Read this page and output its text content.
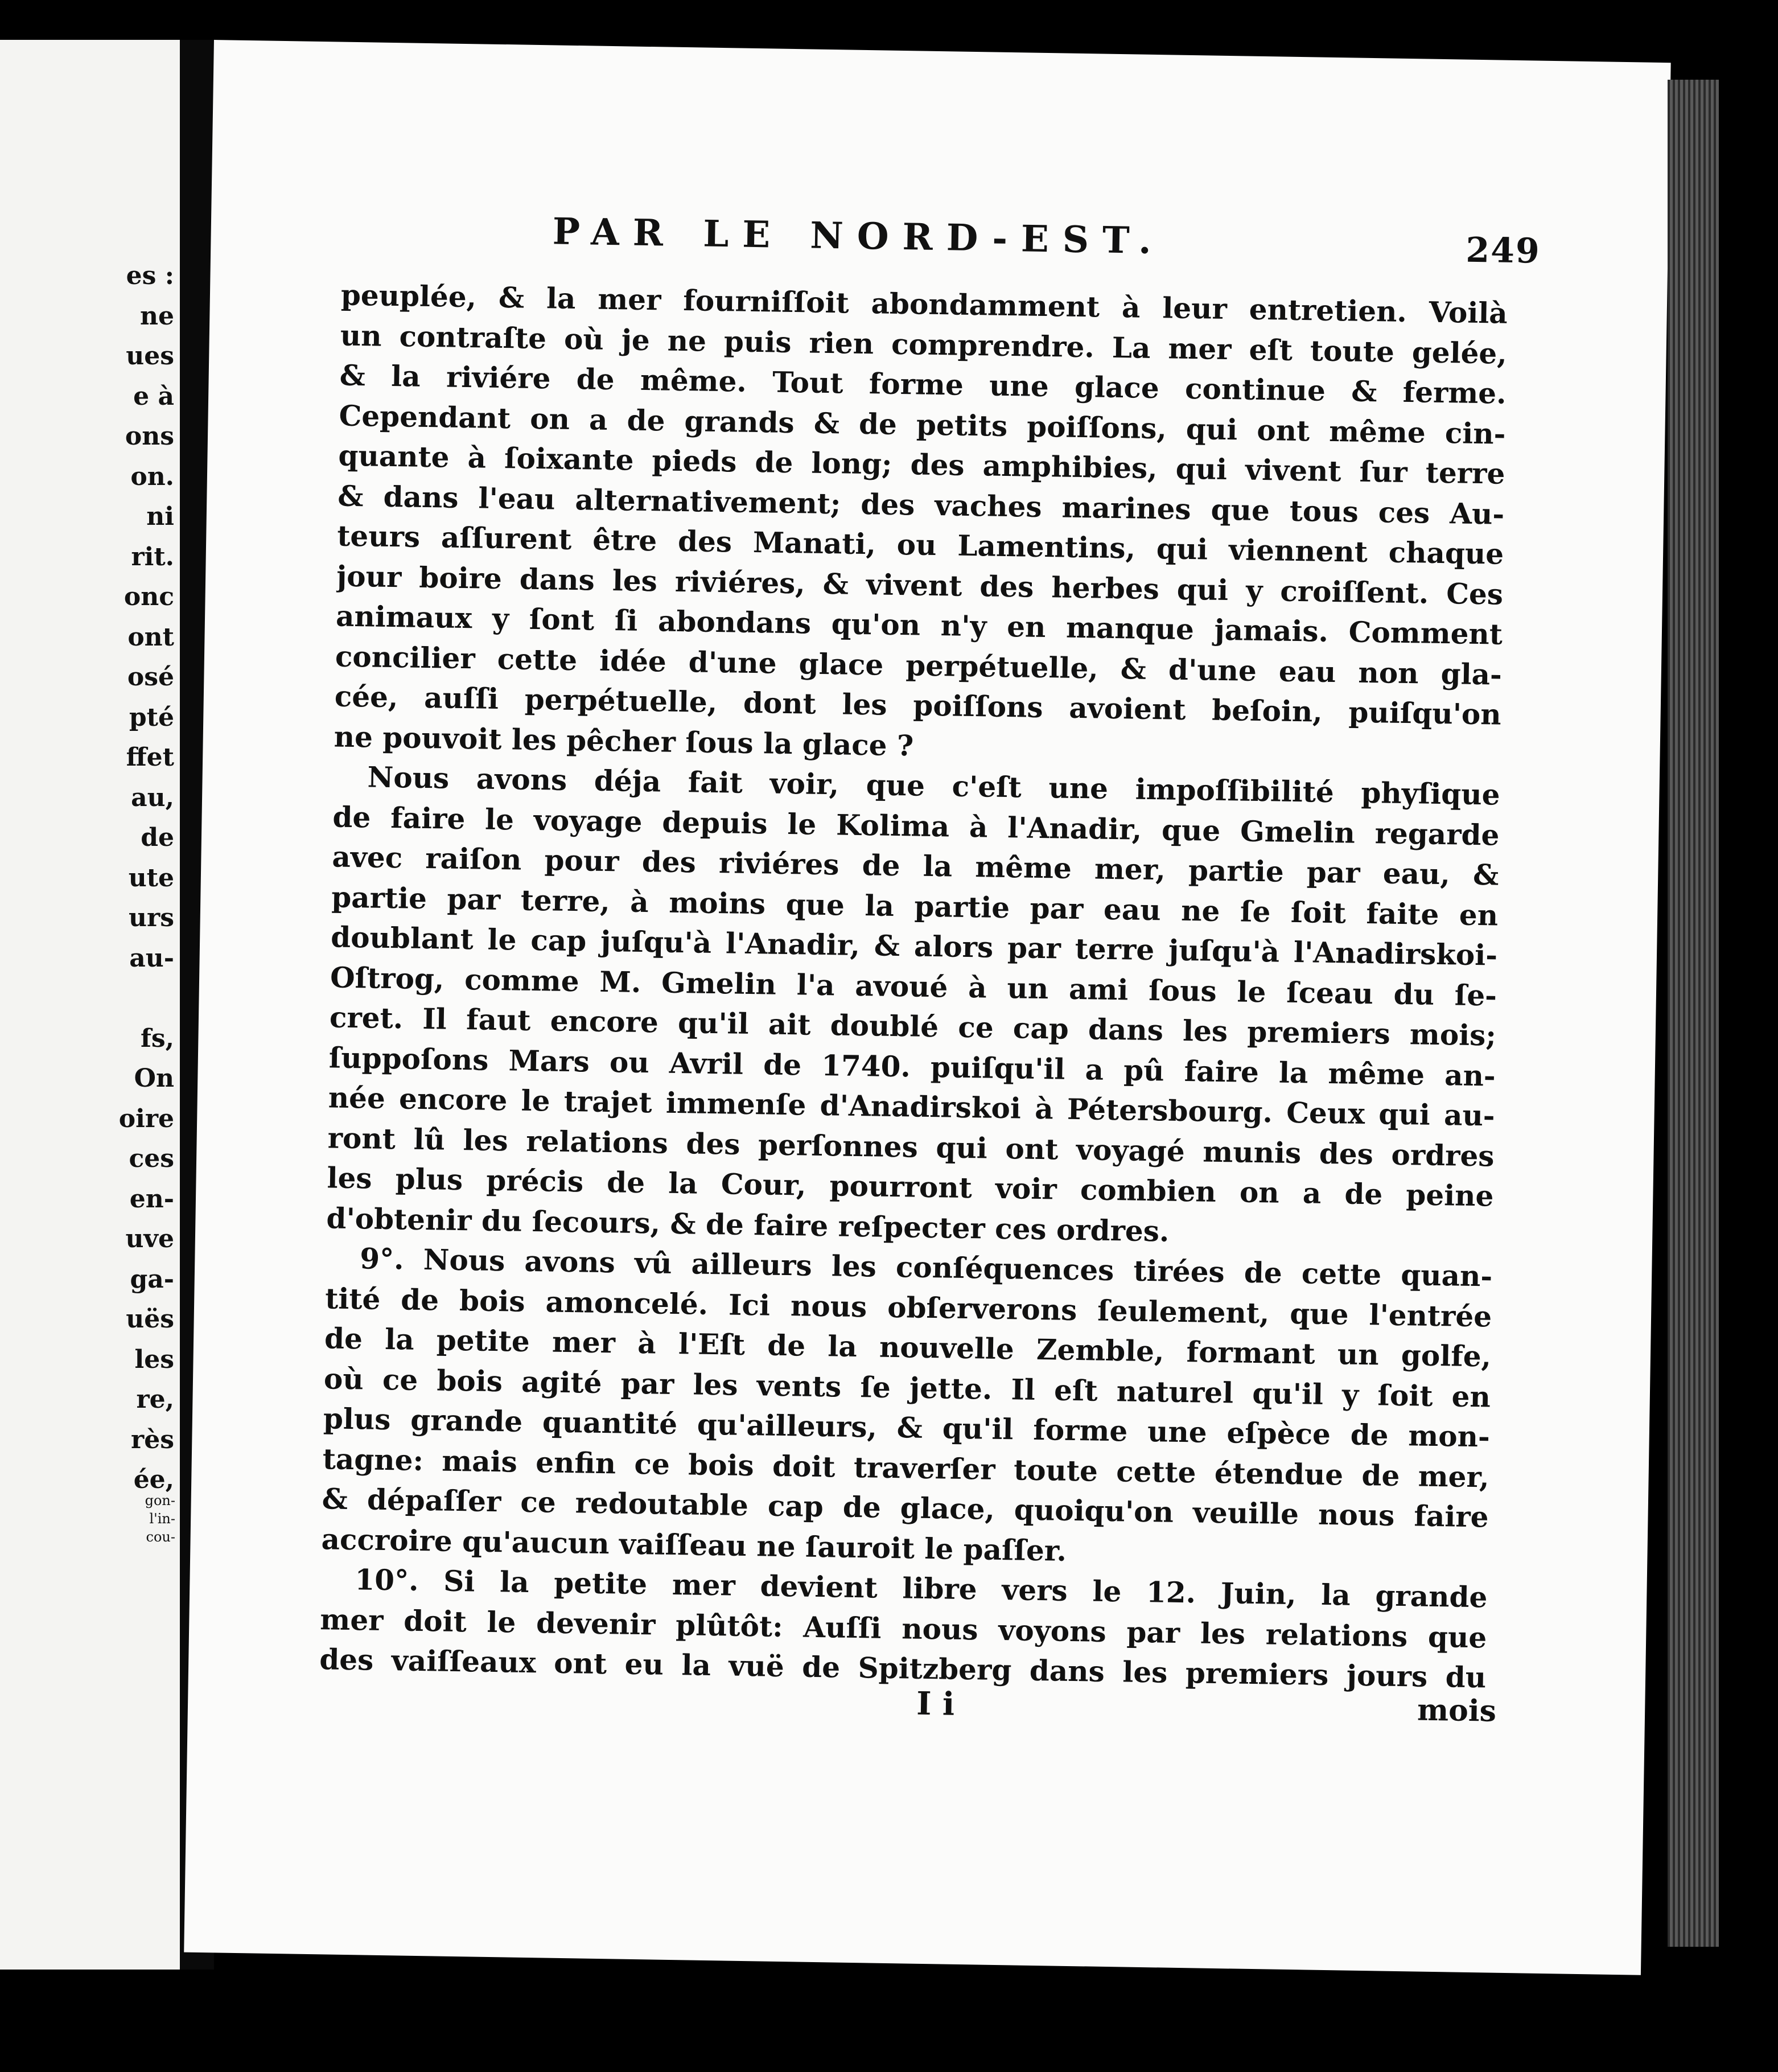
es :
ne
ues
e à
ons
on.
ni
rit.
onc
ont
osé
pté
ffet
au,
de
ute
urs
au-

fs,
On
oire
ces
en-
uve
ga-
uës
les
re,
rès
ée,
gon-
l'in-
cou-
PAR LE NORD-EST.	249
peuplée, & la mer fourniſſoit abondamment à leur entretien. Voilà
un contraſte où je ne puis rien comprendre. La mer eſt toute gelée,
& la riviére de même. Tout forme une glace continue & ferme.
Cependant on a de grands & de petits poiſſons, qui ont même cin-
quante à ſoixante pieds de long; des amphibies, qui vivent ſur terre
& dans l'eau alternativement; des vaches marines que tous ces Au-
teurs aſſurent être des Manati, ou Lamentins, qui viennent chaque
jour boire dans les riviéres, & vivent des herbes qui y croiſſent. Ces
animaux y ſont ſi abondans qu'on n'y en manque jamais. Comment
concilier cette idée d'une glace perpétuelle, & d'une eau non gla-
cée, auſſi perpétuelle, dont les poiſſons avoient beſoin, puiſqu'on
ne pouvoit les pêcher ſous la glace ?
Nous avons déja fait voir, que c'eſt une impoſſibilité phyſique
de faire le voyage depuis le Kolima à l'Anadir, que Gmelin regarde
avec raiſon pour des riviéres de la même mer, partie par eau, &
partie par terre, à moins que la partie par eau ne ſe ſoit faite en
doublant le cap juſqu'à l'Anadir, & alors par terre juſqu'à l'Anadirskoi-
Oſtrog, comme M. Gmelin l'a avoué à un ami ſous le ſceau du ſe-
cret. Il faut encore qu'il ait doublé ce cap dans les premiers mois;
ſuppoſons Mars ou Avril de 1740. puiſqu'il a pû faire la même an-
née encore le trajet immenſe d'Anadirskoi à Pétersbourg. Ceux qui au-
ront lû les relations des perſonnes qui ont voyagé munis des ordres
les plus précis de la Cour, pourront voir combien on a de peine
d'obtenir du ſecours, & de faire reſpecter ces ordres.
9°. Nous avons vû ailleurs les conſéquences tirées de cette quan-
tité de bois amoncelé. Ici nous obſerverons ſeulement, que l'entrée
de la petite mer à l'Eſt de la nouvelle Zemble, formant un golfe,
où ce bois agité par les vents ſe jette. Il eſt naturel qu'il y ſoit en
plus grande quantité qu'ailleurs, & qu'il forme une eſpèce de mon-
tagne: mais enfin ce bois doit traverſer toute cette étendue de mer,
& dépaſſer ce redoutable cap de glace, quoiqu'on veuille nous faire
accroire qu'aucun vaiſſeau ne ſauroit le paſſer.
10°. Si la petite mer devient libre vers le 12. Juin, la grande
mer doit le devenir plûtôt: Auſſi nous voyons par les relations que
des vaiſſeaux ont eu la vuë de Spitzberg dans les premiers jours du
I i	mois
